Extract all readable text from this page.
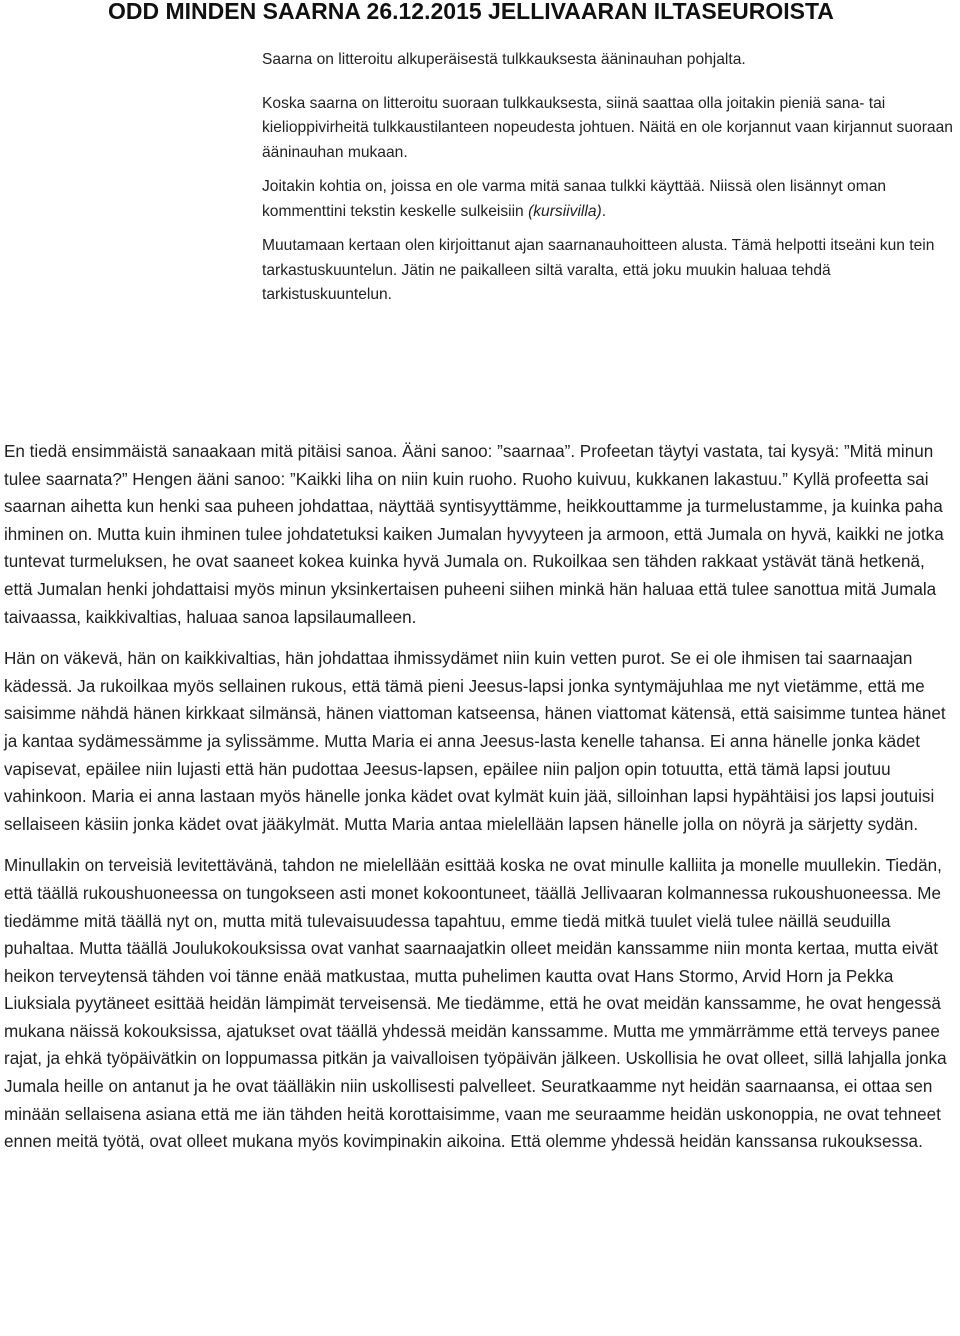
ODD MINDEN SAARNA 26.12.2015 JELLIVAARAN ILTASEUROISTA

Saarna on litteroitu alkuperäisestä tulkkauksesta ääninauhan pohjalta.

Koska saarna on litteroitu suoraan tulkkauksesta, siinä saattaa olla joitakin pieniä sana- tai kielioppivirheitä tulkkaustilanteen nopeudesta johtuen. Näitä en ole korjannut vaan kirjannut suoraan ääninauhan mukaan.

Joitakin kohtia on, joissa en ole varma mitä sanaa tulkki käyttää. Niissä olen lisännyt oman kommenttini tekstin keskelle sulkeisiin (kursiivilla).

Muutamaan kertaan olen kirjoittanut ajan saarnanauhoitteen alusta. Tämä helpotti itseäni kun tein tarkastuskuuntelun. Jätin ne paikalleen siltä varalta, että joku muukin haluaa tehdä tarkistuskuuntelun.

En tiedä ensimmäistä sanaakaan mitä pitäisi sanoa. Ääni sanoo: ”saarnaa”. Profeetan täytyi vastata, tai kysyä: ”Mitä minun tulee saarnata?” Hengen ääni sanoo: ”Kaikki liha on niin kuin ruoho. Ruoho kuivuu, kukkanen lakastuu.” Kyllä profeetta sai saarnan aihetta kun henki saa puheen johdattaa, näyttää syntisyyttämme, heikkouttamme ja turmelustamme, ja kuinka paha ihminen on. Mutta kuin ihminen tulee johdatetuksi kaiken Jumalan hyvyyteen ja armoon, että Jumala on hyvä, kaikki ne jotka tuntevat turmeluksen, he ovat saaneet kokea kuinka hyvä Jumala on. Rukoilkaa sen tähden rakkaat ystävät tänä hetkenä, että Jumalan henki johdattaisi myös minun yksinkertaisen puheeni siihen minkä hän haluaa että tulee sanottua mitä Jumala taivaassa, kaikkivaltias, haluaa sanoa lapsilaumalleen.

Hän on väkevä, hän on kaikkivaltias, hän johdattaa ihmissydämet niin kuin vetten purot. Se ei ole ihmisen tai saarnaajan kädessä. Ja rukoilkaa myös sellainen rukous, että tämä pieni Jeesus-lapsi jonka syntymäjuhlaa me nyt vietämme, että me saisimme nähdä hänen kirkkaat silmänsä, hänen viattoman katseensa, hänen viattomat kätensä, että saisimme tuntea hänet ja kantaa sydämessämme ja sylissämme. Mutta Maria ei anna Jeesus-lasta kenelle tahansa. Ei anna hänelle jonka kädet vapisevat, epäilee niin lujasti että hän pudottaa Jeesus-lapsen, epäilee niin paljon opin totuutta, että tämä lapsi joutuu vahinkoon. Maria ei anna lastaan myös hänelle jonka kädet ovat kylmät kuin jää, silloinhan lapsi hypähtäisi jos lapsi joutuisi sellaiseen käsiin jonka kädet ovat jääkylmät. Mutta Maria antaa mielellään lapsen hänelle jolla on nöyrä ja särjetty sydän.

Minullakin on terveisiä levitettävänä, tahdon ne mielellään esittää koska ne ovat minulle kalliita ja monelle muullekin. Tiedän, että täällä rukoushuoneessa on tungokseen asti monet kokoontuneet, täällä Jellivaaran kolmannessa rukoushuoneessa. Me tiedämme mitä täällä nyt on, mutta mitä tulevaisuudessa tapahtuu, emme tiedä mitkä tuulet vielä tulee näillä seuduilla puhaltaa. Mutta täällä Joulukokouksissa ovat vanhat saarnaajatkin olleet meidän kanssamme niin monta kertaa, mutta eivät heikon terveytensä tähden voi tänne enää matkustaa, mutta puhelimen kautta ovat Hans Stormo, Arvid Horn ja Pekka Liuksiala pyytäneet esittää heidän lämpimät terveisensä. Me tiedämme, että he ovat meidän kanssamme, he ovat hengessä mukana näissä kokouksissa, ajatukset ovat täällä yhdessä meidän kanssamme. Mutta me ymmärrämme että terveys panee rajat, ja ehkä työpäivätkin on loppumassa pitkän ja vaivalloisen työpäivän jälkeen. Uskollisia he ovat olleet, sillä lahjalla jonka Jumala heille on antanut ja he ovat täälläkin niin uskollisesti palvelleet. Seuratkaamme nyt heidän saarnaansa, ei ottaa sen minään sellaisena asiana että me iän tähden heitä korottaisimme, vaan me seuraamme heidän uskonoppia, ne ovat tehneet ennen meitä työtä, ovat olleet mukana myös kovimpinakin aikoina. Että olemme yhdessä heidän kanssansa rukouksessa.
